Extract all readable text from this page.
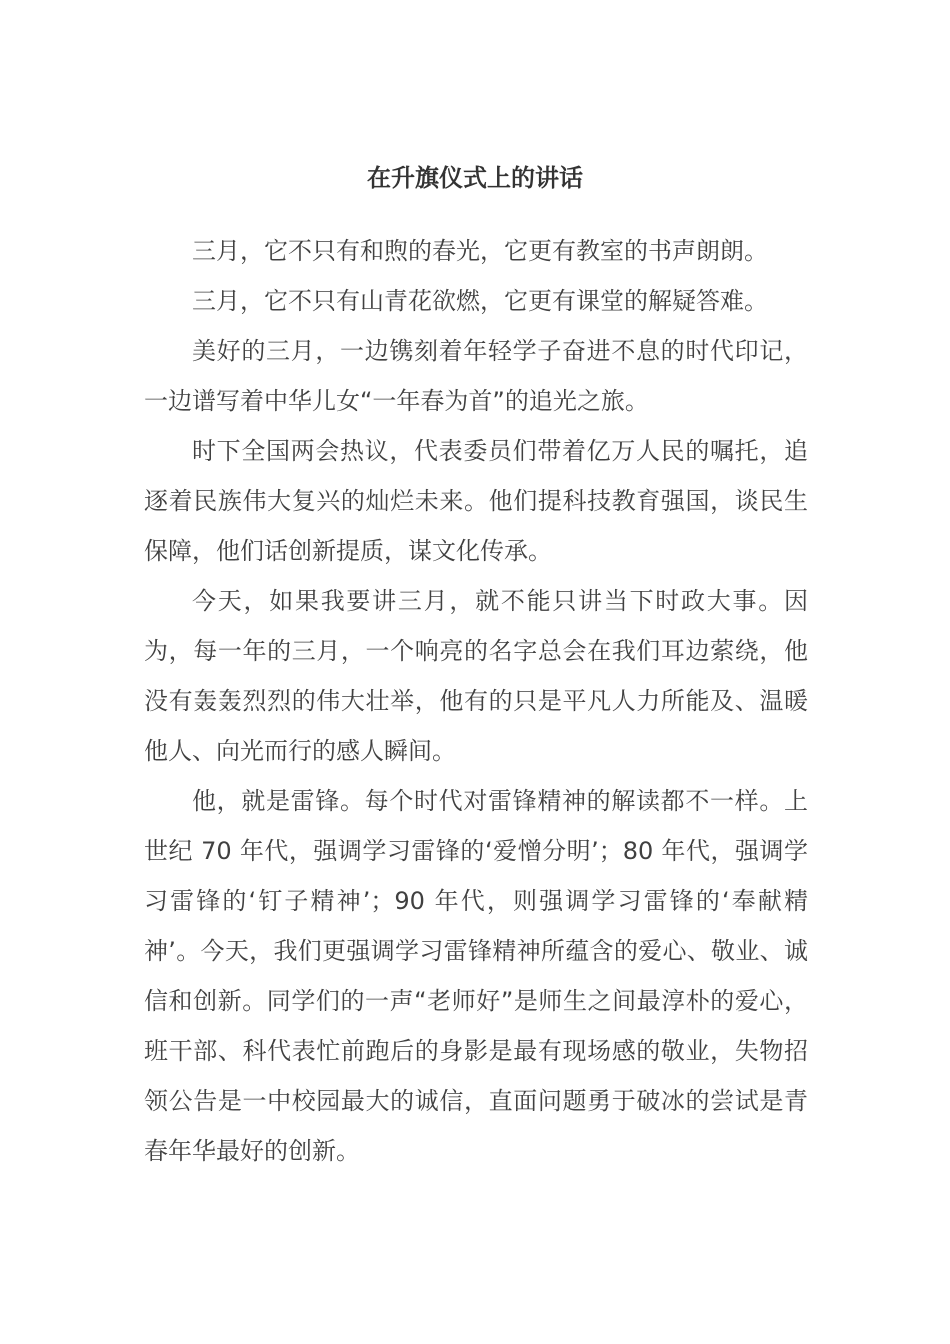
在升旗仪式上的讲话

三月，它不只有和煦的春光，它更有教室的书声朗朗。

三月，它不只有山青花欲燃，它更有课堂的解疑答难。

美好的三月，一边镌刻着年轻学子奋进不息的时代印记，一边谱写着中华儿女“一年春为首”的追光之旅。

时下全国两会热议，代表委员们带着亿万人民的嘱托，追逐着民族伟大复兴的灿烂未来。他们提科技教育强国，谈民生保障，他们话创新提质，谋文化传承。

今天，如果我要讲三月，就不能只讲当下时政大事。因为，每一年的三月，一个响亮的名字总会在我们耳边萦绕，他没有轰轰烈烈的伟大壮举，他有的只是平凡人力所能及、温暖他人、向光而行的感人瞬间。

他，就是雷锋。每个时代对雷锋精神的解读都不一样。上世纪 70 年代，强调学习雷锋的‘爱憎分明’；80 年代，强调学习雷锋的‘钉子精神’；90 年代，则强调学习雷锋的‘奉献精神’。今天，我们更强调学习雷锋精神所蕴含的爱心、敬业、诚信和创新。同学们的一声“老师好”是师生之间最淳朴的爱心，班干部、科代表忙前跑后的身影是最有现场感的敬业，失物招领公告是一中校园最大的诚信，直面问题勇于破冰的尝试是青春年华最好的创新。
